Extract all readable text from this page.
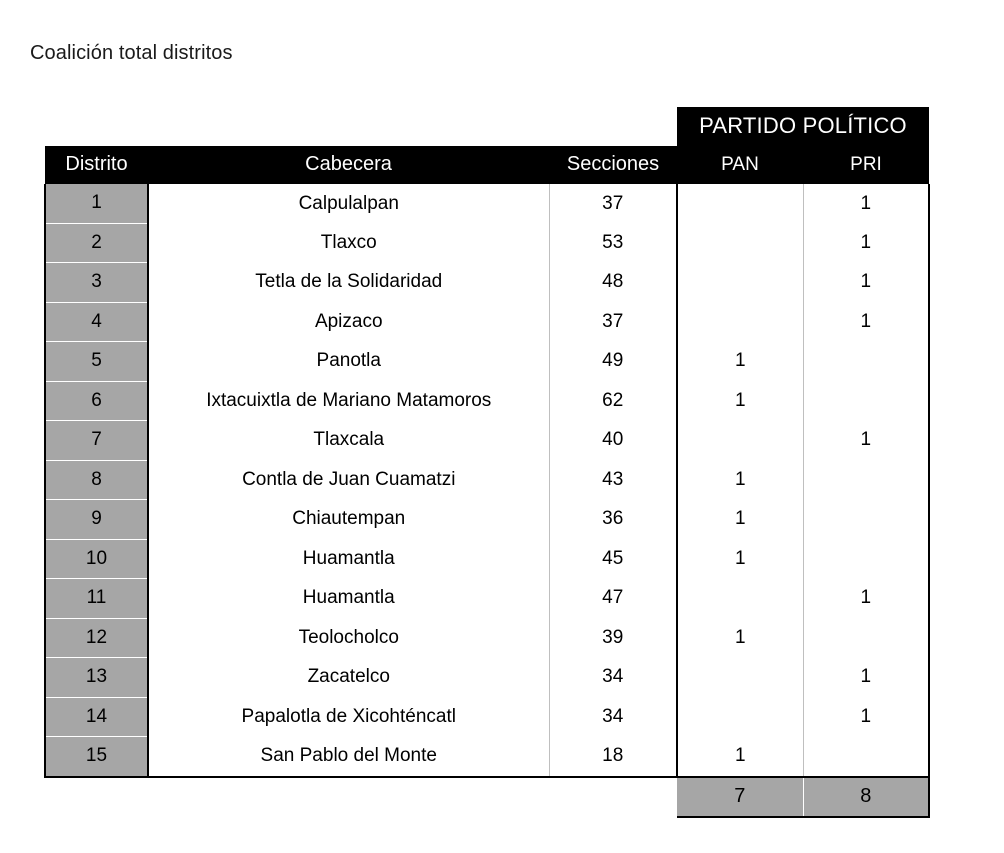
Coalición total distritos
			PARTIDO POLÍTICO	
Distrito	Cabecera	Secciones	PAN	PRI
1	Calpulalpan	37		1
2	Tlaxco	53		1
3	Tetla de la Solidaridad	48		1
4	Apizaco	37		1
5	Panotla	49	1	
6	Ixtacuixtla de Mariano Matamoros	62	1	
7	Tlaxcala	40		1
8	Contla de Juan Cuamatzi	43	1	
9	Chiautempan	36	1	
10	Huamantla	45	1	
11	Huamantla	47		1
12	Teolocholco	39	1	
13	Zacatelco	34		1
14	Papalotla de Xicohténcatl	34		1
15	San Pablo del Monte	18	1	
			7	8
